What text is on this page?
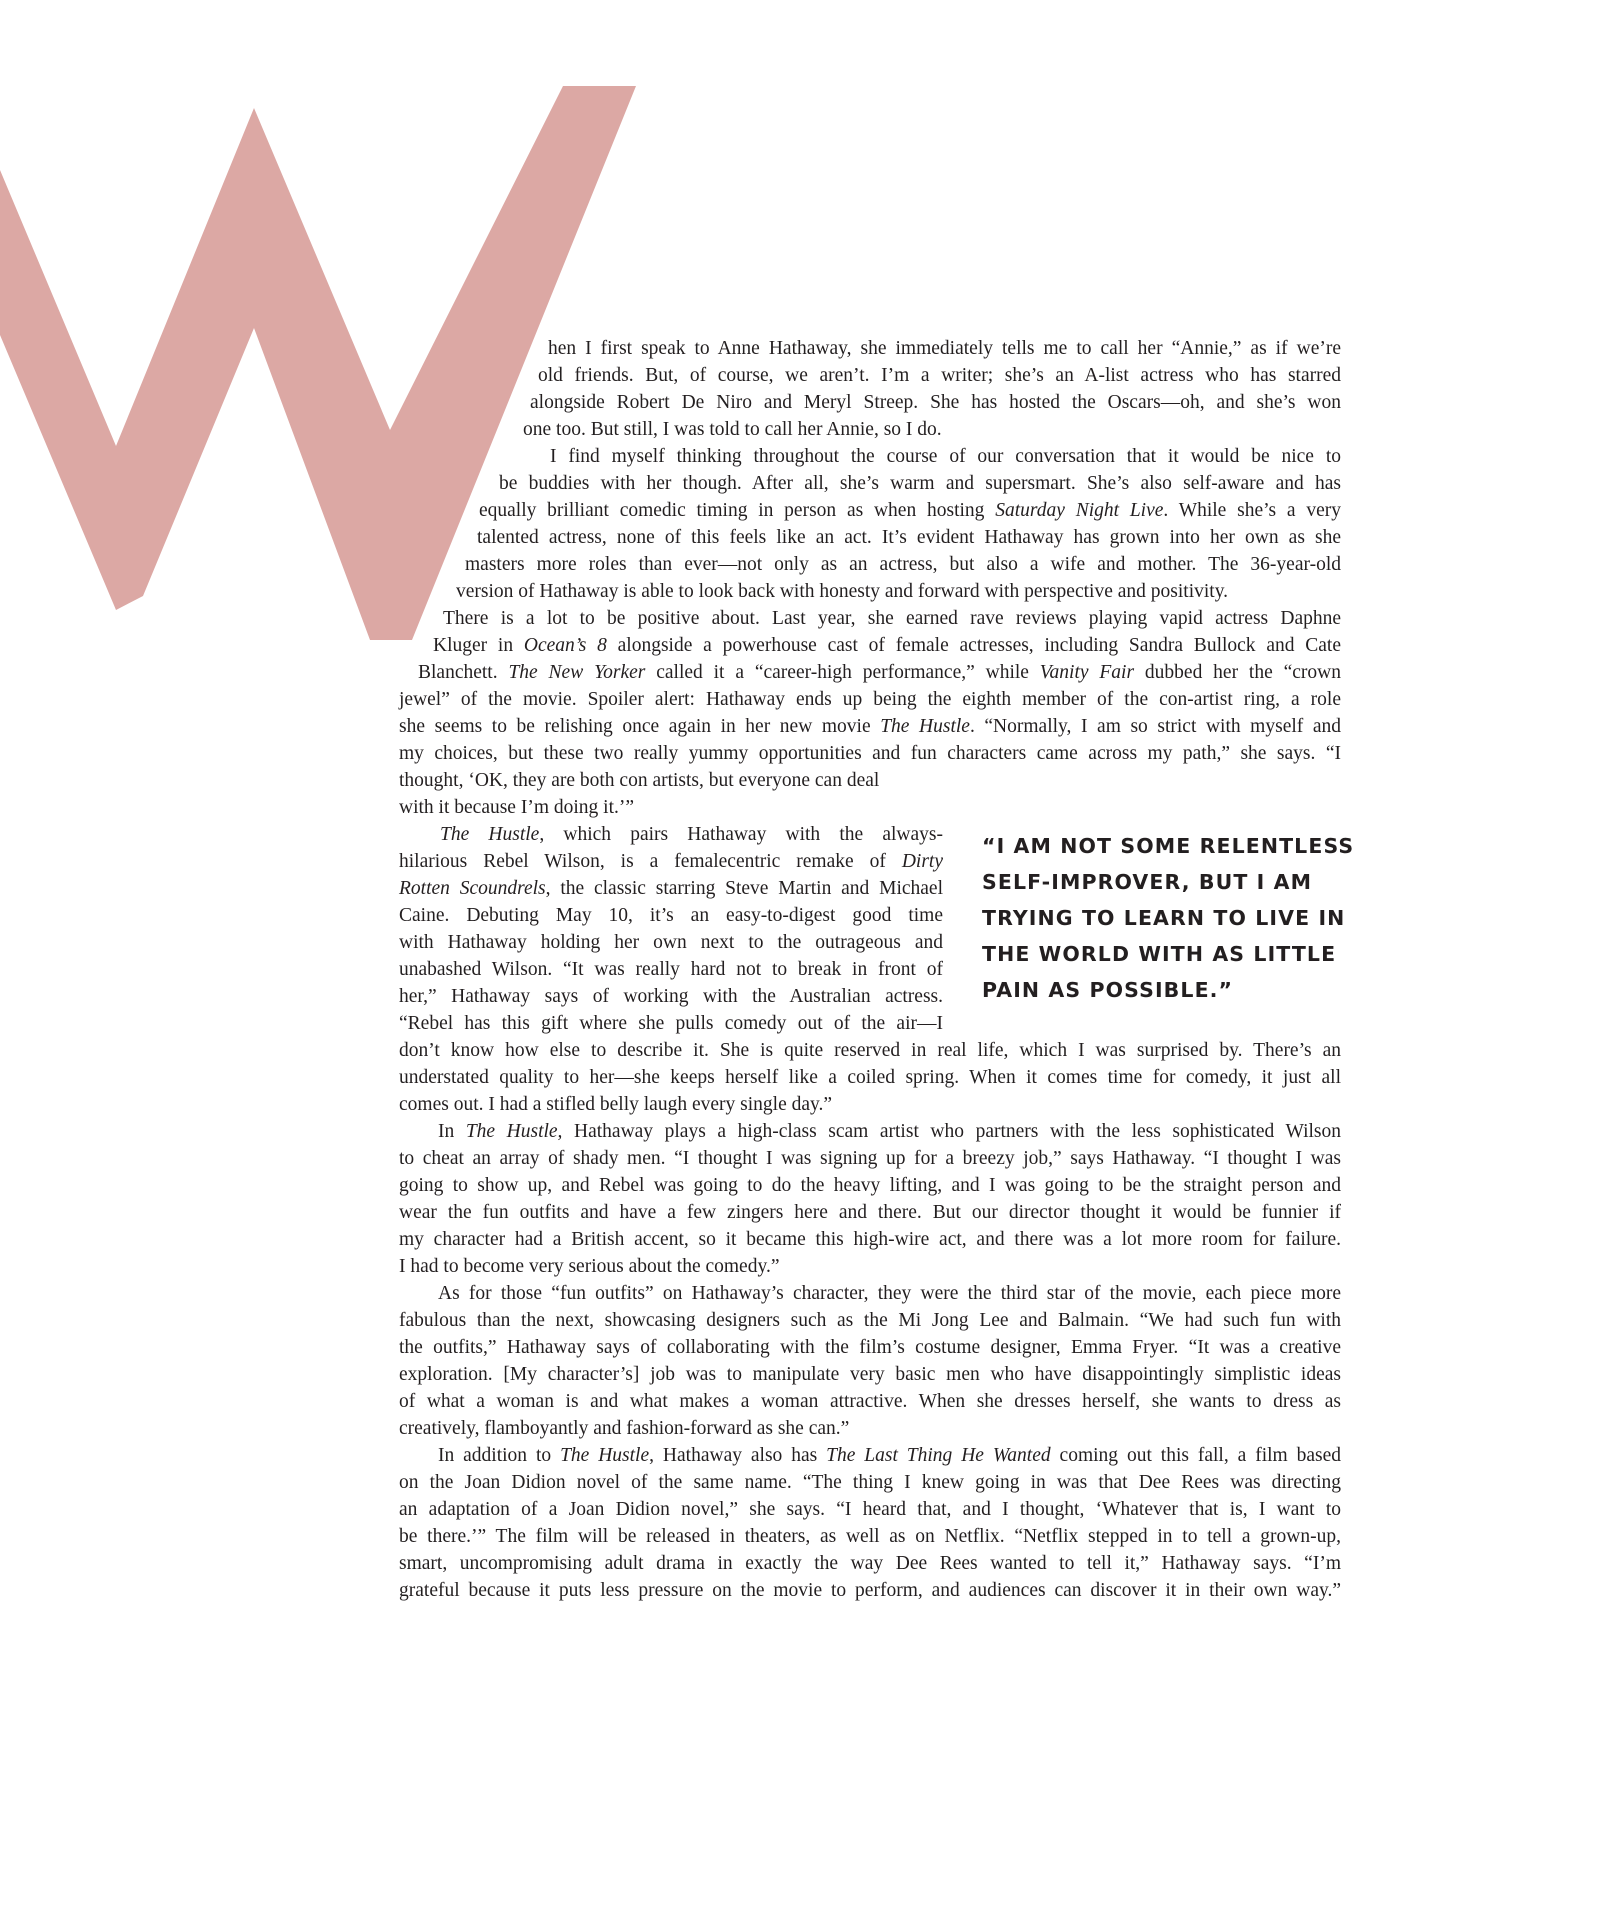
hen I first speak to Anne Hathaway, she immediately tells me to call her “Annie,” as if we’re
old friends. But, of course, we aren’t. I’m a writer; she’s an A-list actress who has starred
alongside Robert De Niro and Meryl Streep. She has hosted the Oscars—oh, and she’s won
one too. But still, I was told to call her Annie, so I do.
I find myself thinking throughout the course of our conversation that it would be nice to
be buddies with her though. After all, she’s warm and supersmart. She’s also self-aware and has
equally brilliant comedic timing in person as when hosting Saturday Night Live. While she’s a very
talented actress, none of this feels like an act. It’s evident Hathaway has grown into her own as she
masters more roles than ever—not only as an actress, but also a wife and mother. The 36-year-old
version of Hathaway is able to look back with honesty and forward with perspective and positivity.
There is a lot to be positive about. Last year, she earned rave reviews playing vapid actress Daphne
Kluger in Ocean’s 8 alongside a powerhouse cast of female actresses, including Sandra Bullock and Cate
Blanchett. The New Yorker called it a “career-high performance,” while Vanity Fair dubbed her the “crown
jewel” of the movie. Spoiler alert: Hathaway ends up being the eighth member of the con-artist ring, a role
she seems to be relishing once again in her new movie The Hustle. “Normally, I am so strict with myself and
my choices, but these two really yummy opportunities and fun characters came across my path,” she says. “I
thought, ‘OK, they are both con artists, but everyone can deal
with it because I’m doing it.’”
The Hustle, which pairs Hathaway with the always-
hilarious Rebel Wilson, is a femalecentric remake of Dirty
Rotten Scoundrels, the classic starring Steve Martin and Michael
Caine. Debuting May 10, it’s an easy-to-digest good time
with Hathaway holding her own next to the outrageous and
unabashed Wilson. “It was really hard not to break in front of
her,” Hathaway says of working with the Australian actress.
“Rebel has this gift where she pulls comedy out of the air—I
don’t know how else to describe it. She is quite reserved in real life, which I was surprised by. There’s an
understated quality to her—she keeps herself like a coiled spring. When it comes time for comedy, it just all
comes out. I had a stifled belly laugh every single day.”
In The Hustle, Hathaway plays a high-class scam artist who partners with the less sophisticated Wilson
to cheat an array of shady men. “I thought I was signing up for a breezy job,” says Hathaway. “I thought I was
going to show up, and Rebel was going to do the heavy lifting, and I was going to be the straight person and
wear the fun outfits and have a few zingers here and there. But our director thought it would be funnier if
my character had a British accent, so it became this high-wire act, and there was a lot more room for failure.
I had to become very serious about the comedy.”
As for those “fun outfits” on Hathaway’s character, they were the third star of the movie, each piece more
fabulous than the next, showcasing designers such as the Mi Jong Lee and Balmain. “We had such fun with
the outfits,” Hathaway says of collaborating with the film’s costume designer, Emma Fryer. “It was a creative
exploration. [My character’s] job was to manipulate very basic men who have disappointingly simplistic ideas
of what a woman is and what makes a woman attractive. When she dresses herself, she wants to dress as
creatively, flamboyantly and fashion-forward as she can.”
In addition to The Hustle, Hathaway also has The Last Thing He Wanted coming out this fall, a film based
on the Joan Didion novel of the same name. “The thing I knew going in was that Dee Rees was directing
an adaptation of a Joan Didion novel,” she says. “I heard that, and I thought, ‘Whatever that is, I want to
be there.’” The film will be released in theaters, as well as on Netflix. “Netflix stepped in to tell a grown-up,
smart, uncompromising adult drama in exactly the way Dee Rees wanted to tell it,” Hathaway says. “I’m
grateful because it puts less pressure on the movie to perform, and audiences can discover it in their own way.”
“I AM NOT SOME RELENTLESS SELF-IMPROVER, BUT I AM TRYING TO LEARN TO LIVE IN THE WORLD WITH AS LITTLE PAIN AS POSSIBLE.”
